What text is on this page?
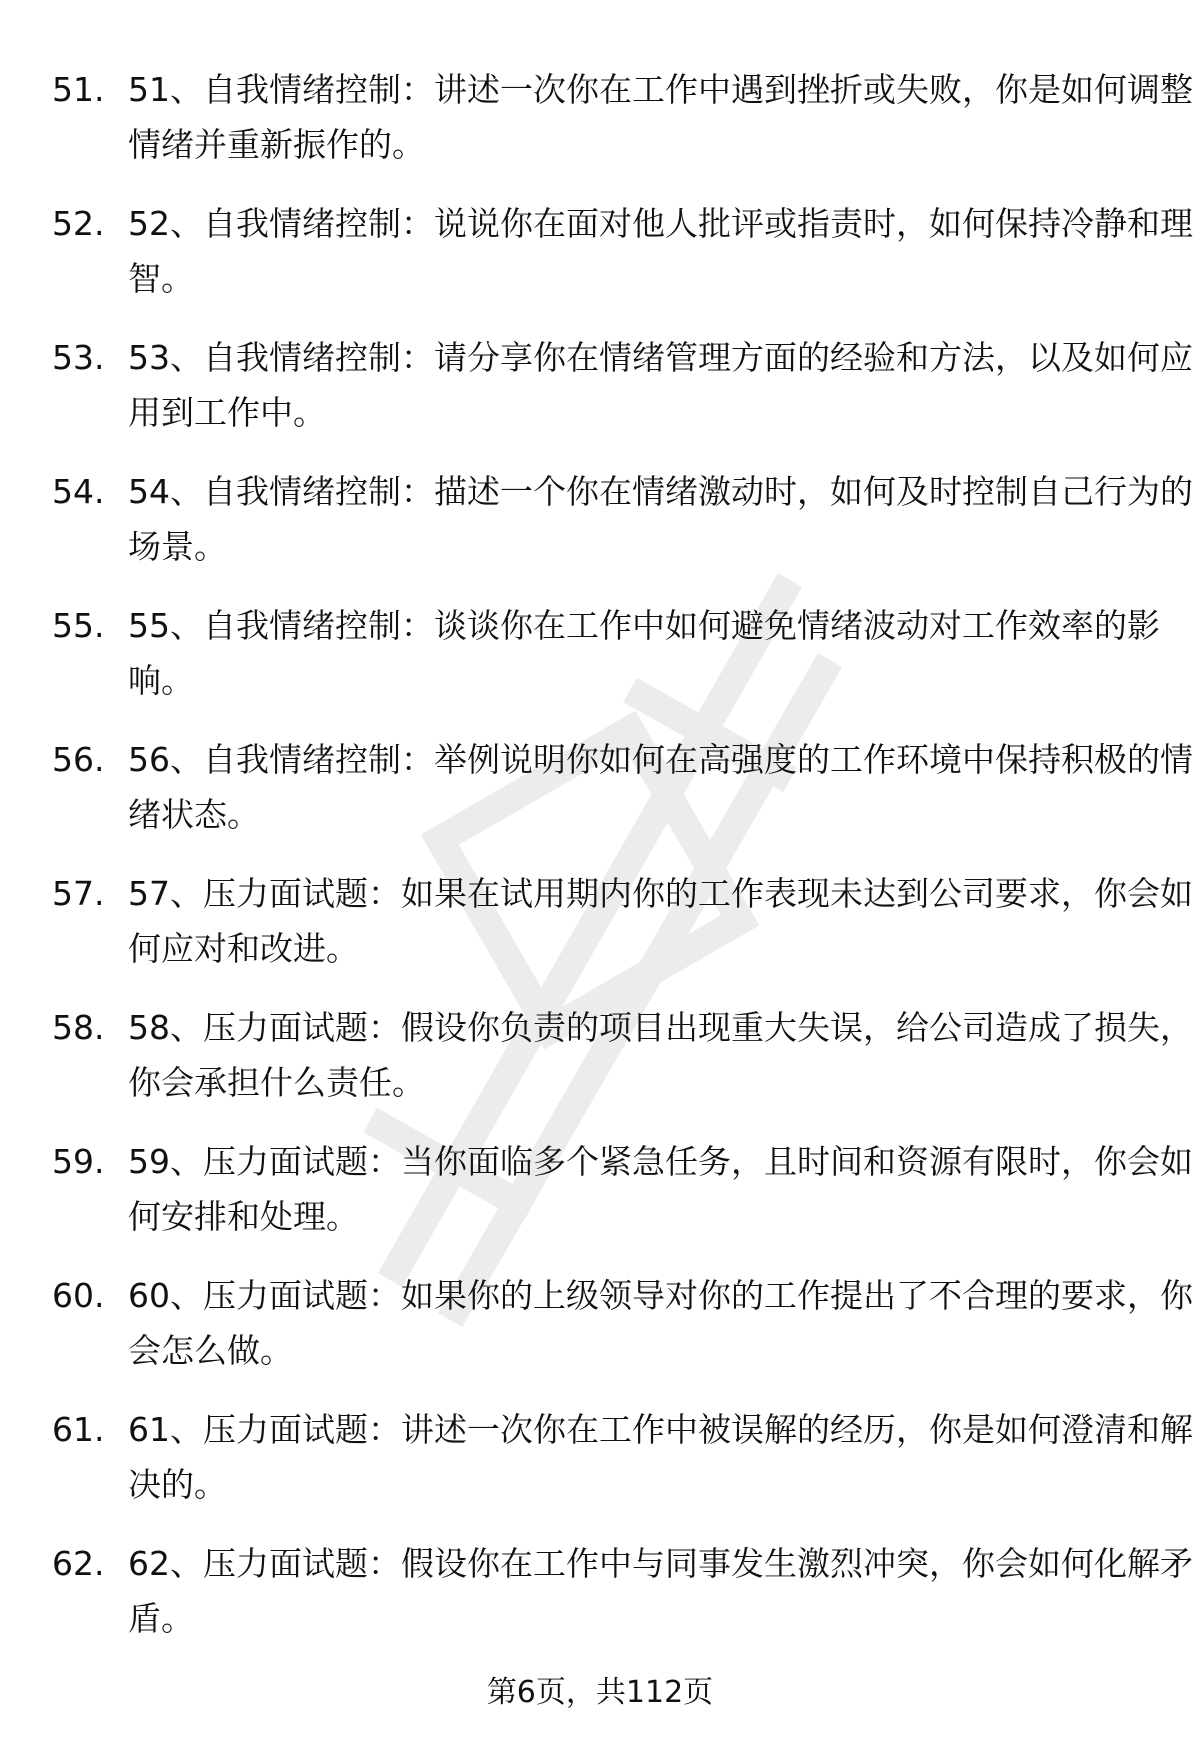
51. 51、自我情绪控制：讲述一次你在工作中遇到挫折或失败，你是如何调整情绪并重新振作的。
52. 52、自我情绪控制：说说你在面对他人批评或指责时，如何保持冷静和理智。
53. 53、自我情绪控制：请分享你在情绪管理方面的经验和方法，以及如何应用到工作中。
54. 54、自我情绪控制：描述一个你在情绪激动时，如何及时控制自己行为的场景。
55. 55、自我情绪控制：谈谈你在工作中如何避免情绪波动对工作效率的影响。
56. 56、自我情绪控制：举例说明你如何在高强度的工作环境中保持积极的情绪状态。
57. 57、压力面试题：如果在试用期内你的工作表现未达到公司要求，你会如何应对和改进。
58. 58、压力面试题：假设你负责的项目出现重大失误，给公司造成了损失，你会承担什么责任。
59. 59、压力面试题：当你面临多个紧急任务，且时间和资源有限时，你会如何安排和处理。
60. 60、压力面试题：如果你的上级领导对你的工作提出了不合理的要求，你会怎么做。
61. 61、压力面试题：讲述一次你在工作中被误解的经历，你是如何澄清和解决的。
62. 62、压力面试题：假设你在工作中与同事发生激烈冲突，你会如何化解矛盾。
第6页，共112页
